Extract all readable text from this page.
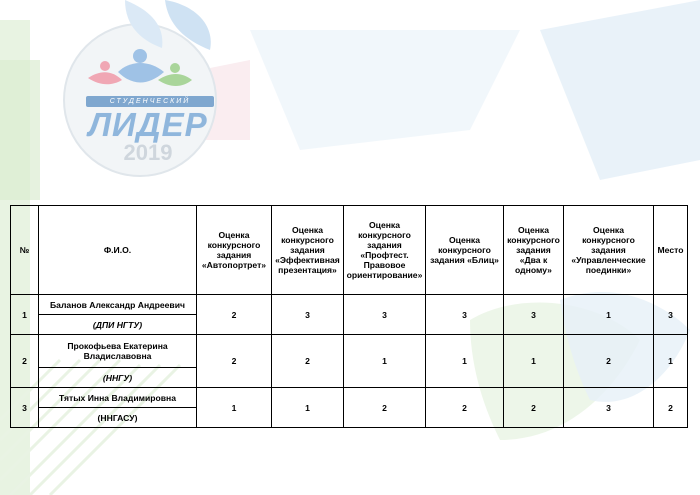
СТУДЕНЧЕСКИЙ
ЛИДЕР
2019
№	Ф.И.О.	Оценка конкурсного задания «Автопортрет»	Оценка конкурсного задания «Эффективная презентация»	Оценка конкурсного задания «Профтест. Правовое ориентирование»	Оценка конкурсного задания «Блиц»	Оценка конкурсного задания «Два к одному»	Оценка конкурсного задания «Управленческие поединки»	Место
1	Баланов Александр Андреевич	2	3	3	3	3	1	3
	(ДПИ НГТУ)							
2	Прокофьева Екатерина Владиславовна	2	2	1	1	1	2	1
	(ННГУ)							
3	Тятых Инна Владимировна	1	1	2	2	2	3	2
	(ННГАСУ)							
